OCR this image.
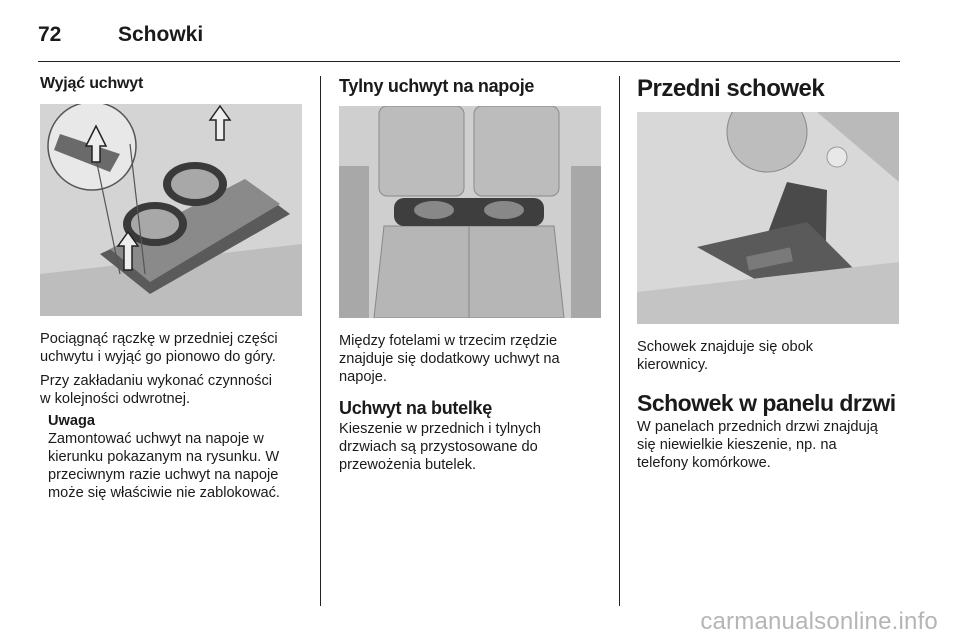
72	Schowki

Wyjąć uchwyt

Pociągnąć rączkę w przedniej części
uchwytu i wyjąć go pionowo do góry.

Przy zakładaniu wykonać czynności
w kolejności odwrotnej.

Uwaga

Zamontować uchwyt na napoje w
kierunku pokazanym na rysunku. W
przeciwnym razie uchwyt na napoje
może się właściwie nie zablokować.

Tylny uchwyt na napoje

Między fotelami w trzecim rzędzie
znajduje się dodatkowy uchwyt na
napoje.

Uchwyt na butelkę

Kieszenie w przednich i tylnych
drzwiach są przystosowane do
przewożenia butelek.

Przedni schowek

Schowek znajduje się obok
kierownicy.

Schowek w panelu drzwi

W panelach przednich drzwi znajdują
się niewielkie kieszenie, np. na
telefony komórkowe.

carmanualsonline.info
